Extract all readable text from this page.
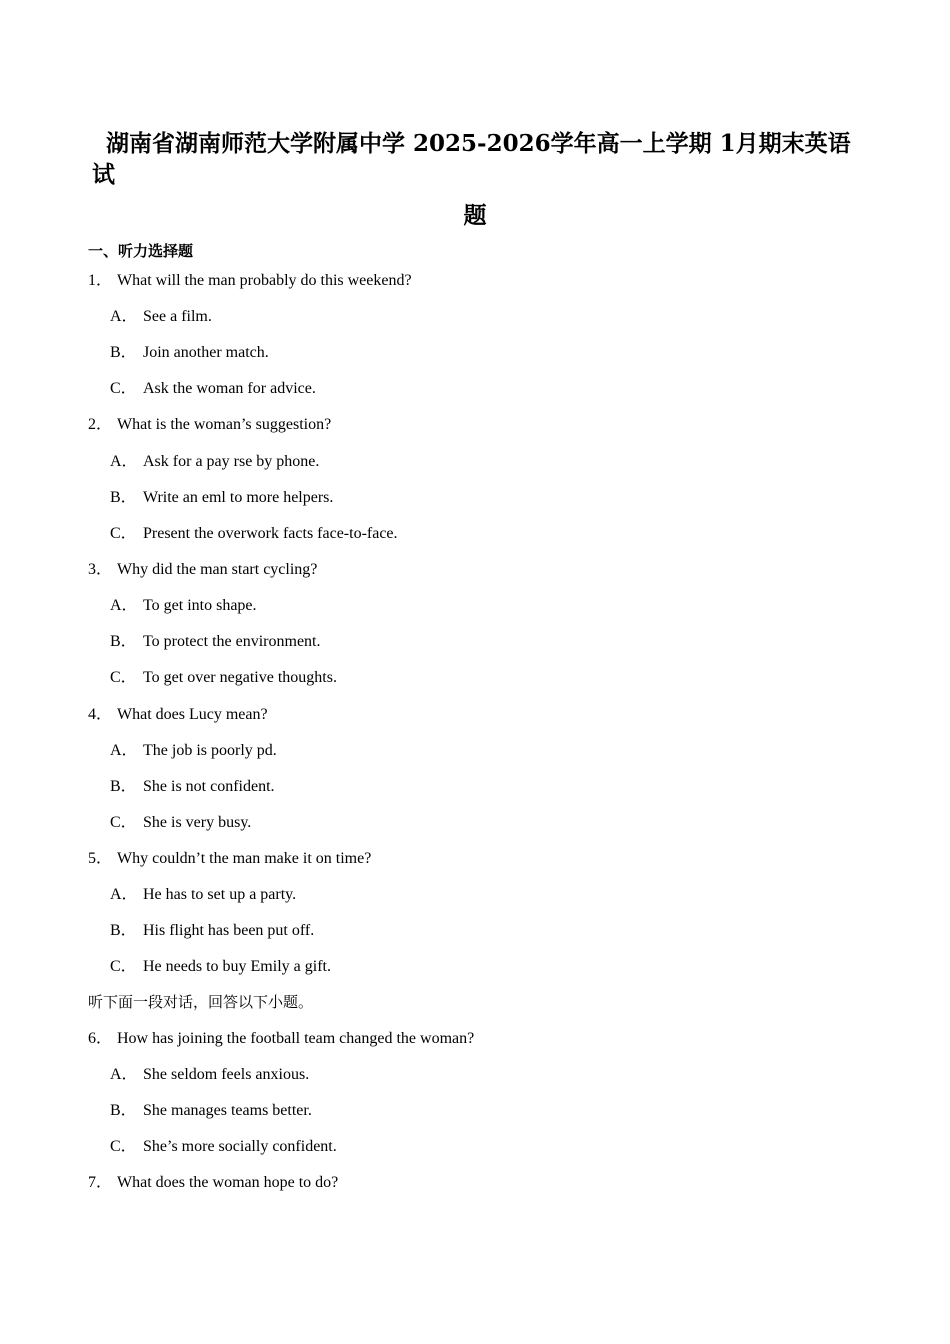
湖南省湖南师范大学附属中学 2025-2026学年高一上学期 1月期末英语试
题
一、听力选择题
1． What will the man probably do this weekend?
A． See a film.
B． Join another match.
C． Ask the woman for advice.
2． What is the woman’s suggestion?
A． Ask for a pay rse by phone.
B． Write an eml to more helpers.
C． Present the overwork facts face-to-face.
3． Why did the man start cycling?
A． To get into shape.
B． To protect the environment.
C． To get over negative thoughts.
4． What does Lucy mean?
A． The job is poorly pd.
B． She is not confident.
C． She is very busy.
5． Why couldn’t the man make it on time?
A． He has to set up a party.
B． His flight has been put off.
C． He needs to buy Emily a gift.
听下面一段对话，回答以下小题。
6． How has joining the football team changed the woman?
A． She seldom feels anxious.
B． She manages teams better.
C． She’s more socially confident.
7． What does the woman hope to do?
